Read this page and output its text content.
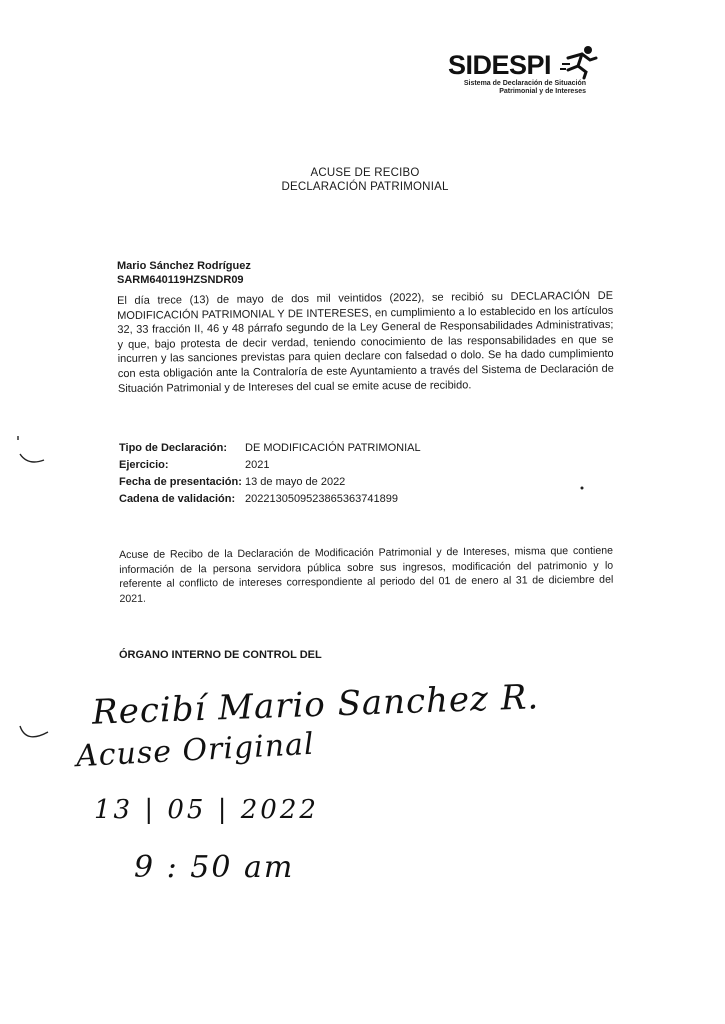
SIDESPI
Sistema de Declaración de Situación
Patrimonial y de Intereses
ACUSE DE RECIBO
DECLARACIÓN PATRIMONIAL
Mario Sánchez Rodríguez
SARM640119HZSNDR09
El día trece (13) de mayo de dos mil veintidos (2022), se recibió su DECLARACIÓN DE MODIFICACIÓN PATRIMONIAL Y DE INTERESES, en cumplimiento a lo establecido en los artículos 32, 33 fracción II, 46 y 48 párrafo segundo de la Ley General de Responsabilidades Administrativas; y que, bajo protesta de decir verdad, teniendo conocimiento de las responsabilidades en que se incurren y las sanciones previstas para quien declare con falsedad o dolo. Se ha dado cumplimiento con esta obligación ante la Contraloría de este Ayuntamiento a través del Sistema de Declaración de Situación Patrimonial y de Intereses del cual se emite acuse de recibido.
Tipo de Declaración: DE MODIFICACIÓN PATRIMONIAL
Ejercicio:	2021
Fecha de presentación: 13 de mayo de 2022
Cadena de validación: 2022130509523865363741899
Acuse de Recibo de la Declaración de Modificación Patrimonial y de Intereses, misma que contiene información de la persona servidora pública sobre sus ingresos, modificación del patrimonio y lo referente al conflicto de intereses correspondiente al periodo del 01 de enero al 31 de diciembre del 2021.
ÓRGANO INTERNO DE CONTROL DEL
Recibí Mario Sanchez R.
Acuse Original
13 | 05 | 2022
9 : 50 am
